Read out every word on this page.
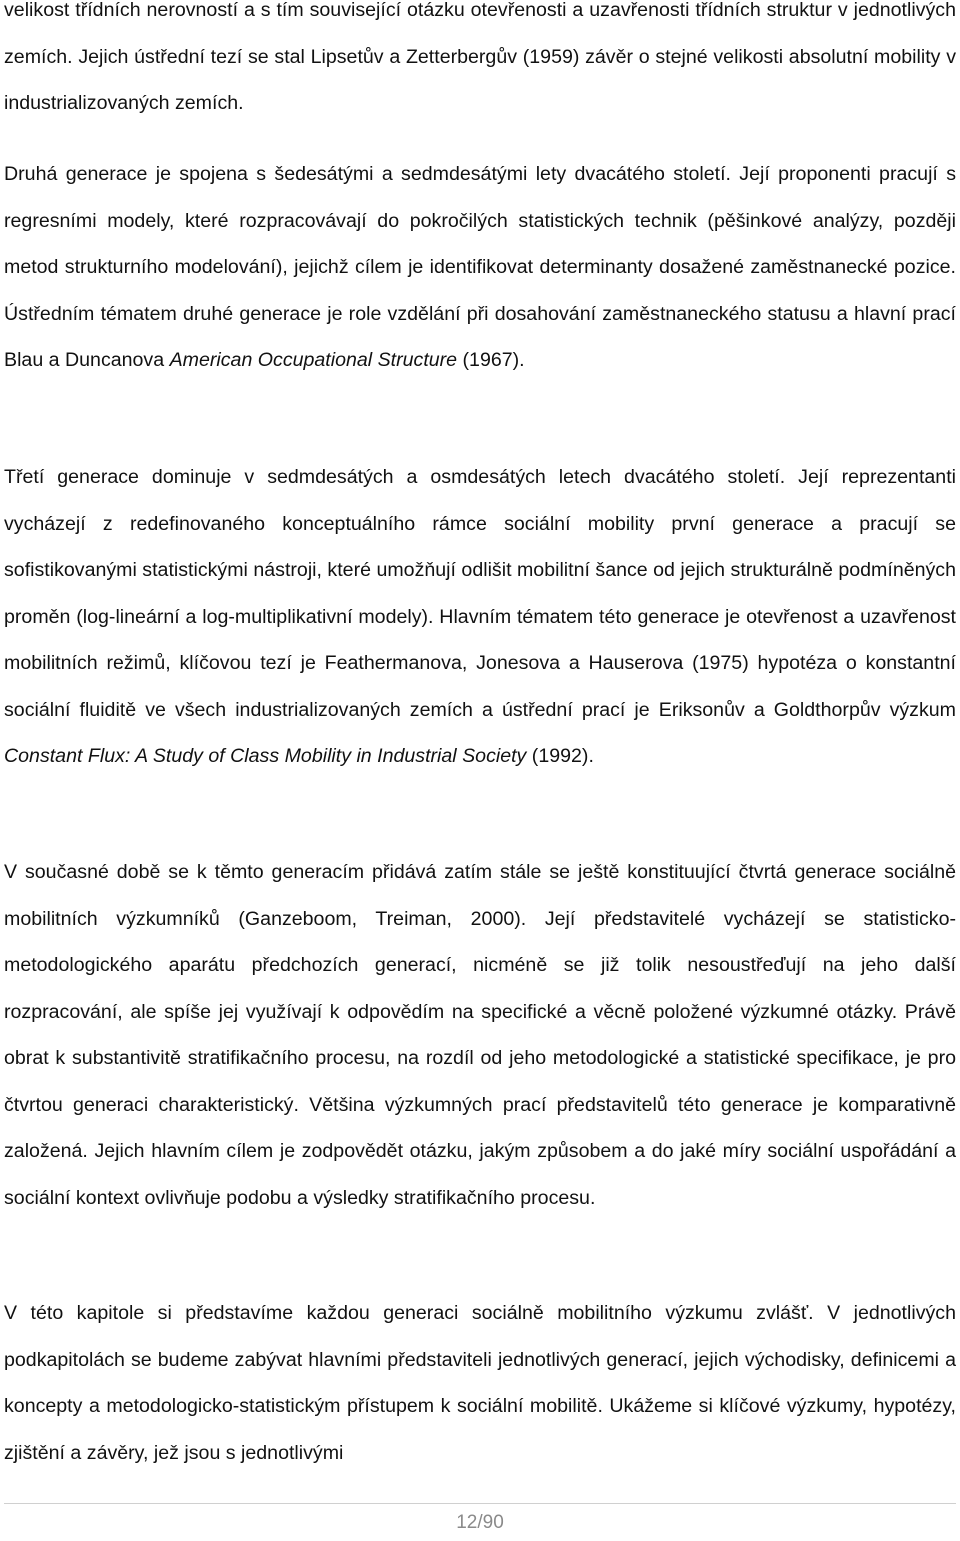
velikost třídních nerovností a s tím související otázku otevřenosti a uzavřenosti třídních struktur v jednotlivých zemích. Jejich ústřední tezí se stal Lipsetův a Zetterbergův (1959) závěr o stejné velikosti absolutní mobility v industrializovaných zemích.

Druhá generace je spojena s šedesátými a sedmdesátými lety dvacátého století. Její proponenti pracují s regresními modely, které rozpracovávají do pokročilých statistických technik (pěšinkové analýzy, později metod strukturního modelování), jejichž cílem je identifikovat determinanty dosažené zaměstnanecké pozice. Ústředním tématem druhé generace je role vzdělání při dosahování zaměstnaneckého statusu a hlavní prací Blau a Duncanova American Occupational Structure (1967).

Třetí generace dominuje v sedmdesátých a osmdesátých letech dvacátého století. Její reprezentanti vycházejí z redefinovaného konceptuálního rámce sociální mobility první generace a pracují se sofistikovanými statistickými nástroji, které umožňují odlišit mobilitní šance od jejich strukturálně podmíněných proměn (log-lineární a log-multiplikativní modely). Hlavním tématem této generace je otevřenost a uzavřenost mobilitních režimů, klíčovou tezí je Feathermanova, Jonesova a Hauserova (1975) hypotéza o konstantní sociální fluiditě ve všech industrializovaných zemích a ústřední prací je Eriksonův a Goldthorpův výzkum Constant Flux: A Study of Class Mobility in Industrial Society (1992).

V současné době se k těmto generacím přidává zatím stále se ještě konstituující čtvrtá generace sociálně mobilitních výzkumníků (Ganzeboom, Treiman, 2000). Její představitelé vycházejí se statisticko-metodologického aparátu předchozích generací, nicméně se již tolik nesoustřeďují na jeho další rozpracování, ale spíše jej využívají k odpovědím na specifické a věcně položené výzkumné otázky. Právě obrat k substantivitě stratifikačního procesu, na rozdíl od jeho metodologické a statistické specifikace, je pro čtvrtou generaci charakteristický. Většina výzkumných prací představitelů této generace je komparativně založená. Jejich hlavním cílem je zodpovědět otázku, jakým způsobem a do jaké míry sociální uspořádání a sociální kontext ovlivňuje podobu a výsledky stratifikačního procesu.

V této kapitole si představíme každou generaci sociálně mobilitního výzkumu zvlášť. V jednotlivých podkapitolách se budeme zabývat hlavními představiteli jednotlivých generací, jejich východisky, definicemi a koncepty a metodologicko-statistickým přístupem k sociální mobilitě. Ukážeme si klíčové výzkumy, hypotézy, zjištění a závěry, jež jsou s jednotlivými

12/90
